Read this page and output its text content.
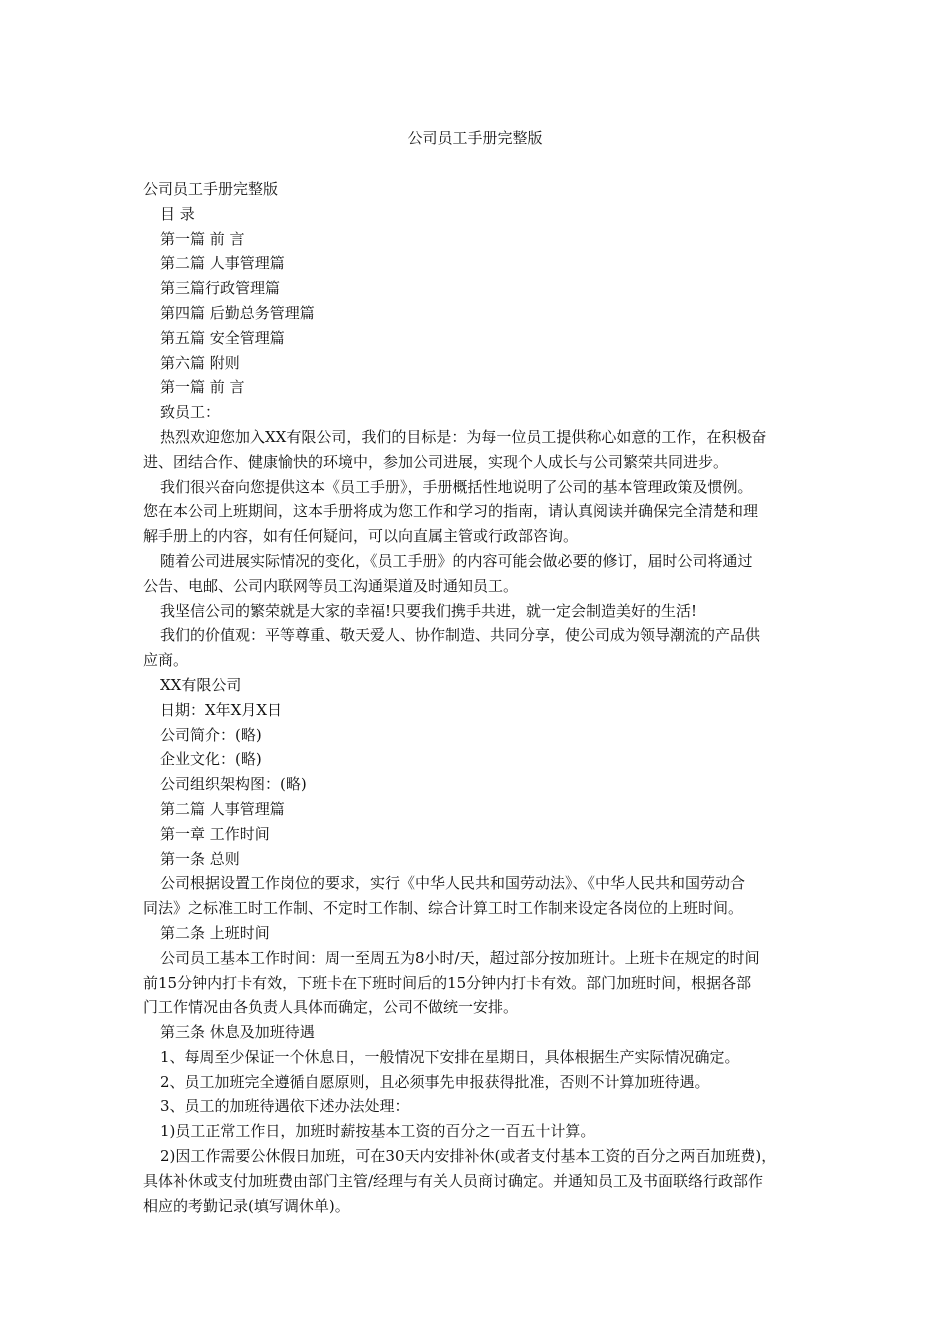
公司员工手册完整版

公司员工手册完整版

目 录

第一篇 前 言

第二篇 人事管理篇

第三篇行政管理篇

第四篇 后勤总务管理篇

第五篇 安全管理篇

第六篇 附则

第一篇 前 言

致员工：

热烈欢迎您加入XX有限公司，我们的目标是：为每一位员工提供称心如意的工作，在积极奋

进、团结合作、健康愉快的环境中，参加公司进展，实现个人成长与公司繁荣共同进步。

我们很兴奋向您提供这本《员工手册》，手册概括性地说明了公司的基本管理政策及惯例。

您在本公司上班期间，这本手册将成为您工作和学习的指南，请认真阅读并确保完全清楚和理

解手册上的内容，如有任何疑问，可以向直属主管或行政部咨询。

随着公司进展实际情况的变化，《员工手册》的内容可能会做必要的修订，届时公司将通过

公告、电邮、公司内联网等员工沟通渠道及时通知员工。

我坚信公司的繁荣就是大家的幸福!只要我们携手共进，就一定会制造美好的生活!

我们的价值观：平等尊重、敬天爱人、协作制造、共同分享，使公司成为领导潮流的产品供

应商。

XX有限公司

日期：X年X月X日

公司简介：(略)

企业文化：(略)

公司组织架构图：(略)

第二篇 人事管理篇

第一章 工作时间

第一条 总则

公司根据设置工作岗位的要求，实行《中华人民共和国劳动法》、《中华人民共和国劳动合

同法》之标准工时工作制、不定时工作制、综合计算工时工作制来设定各岗位的上班时间。

第二条 上班时间

公司员工基本工作时间：周一至周五为8小时/天，超过部分按加班计。上班卡在规定的时间

前15分钟内打卡有效，下班卡在下班时间后的15分钟内打卡有效。部门加班时间，根据各部

门工作情况由各负责人具体而确定，公司不做统一安排。

第三条 休息及加班待遇

1、每周至少保证一个休息日，一般情况下安排在星期日，具体根据生产实际情况确定。

2、员工加班完全遵循自愿原则，且必须事先申报获得批准，否则不计算加班待遇。

3、员工的加班待遇依下述办法处理：

1)员工正常工作日，加班时薪按基本工资的百分之一百五十计算。

2)因工作需要公休假日加班，可在30天内安排补休(或者支付基本工资的百分之两百加班费)，

具体补休或支付加班费由部门主管/经理与有关人员商讨确定。并通知员工及书面联络行政部作

相应的考勤记录(填写调休单)。
